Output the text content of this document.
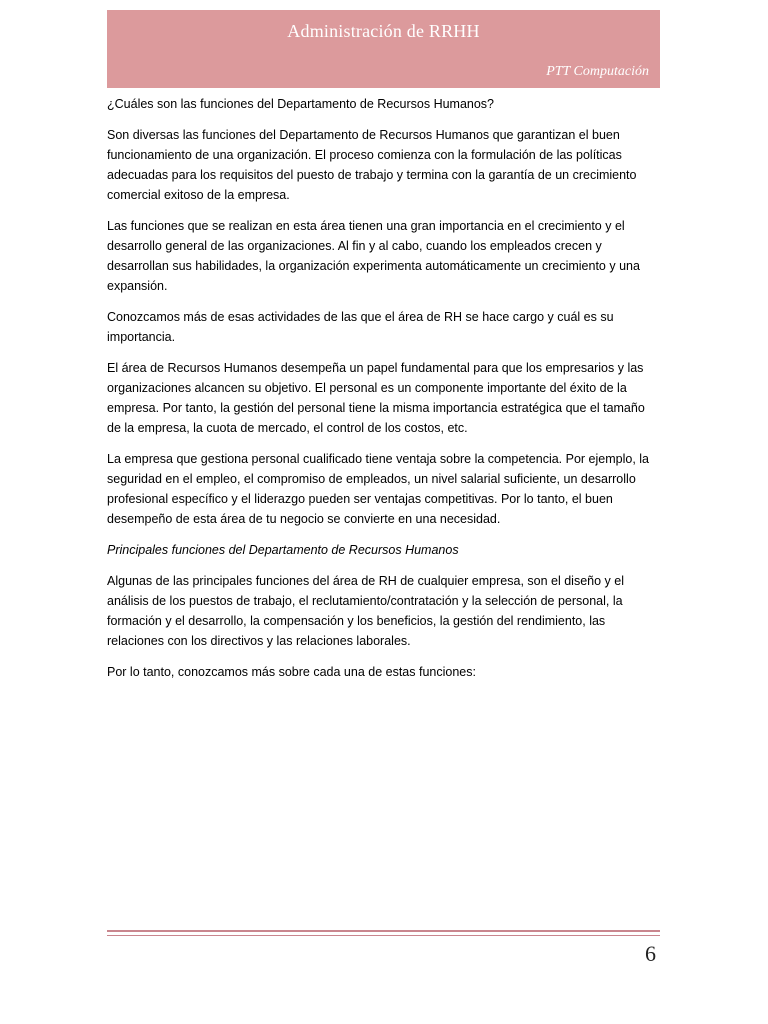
Administración de RRHH
PTT Computación

¿Cuáles son las funciones del Departamento de Recursos Humanos?

Son diversas las funciones del Departamento de Recursos Humanos que garantizan el buen funcionamiento de una organización. El proceso comienza con la formulación de las políticas adecuadas para los requisitos del puesto de trabajo y termina con la garantía de un crecimiento comercial exitoso de la empresa.

Las funciones que se realizan en esta área tienen una gran importancia en el crecimiento y el desarrollo general de las organizaciones. Al fin y al cabo, cuando los empleados crecen y desarrollan sus habilidades, la organización experimenta automáticamente un crecimiento y una expansión.

Conozcamos más de esas actividades de las que el área de RH se hace cargo y cuál es su importancia.

El área de Recursos Humanos desempeña un papel fundamental para que los empresarios y las organizaciones alcancen su objetivo. El personal es un componente importante del éxito de la empresa. Por tanto, la gestión del personal tiene la misma importancia estratégica que el tamaño de la empresa, la cuota de mercado, el control de los costos, etc.

La empresa que gestiona personal cualificado tiene ventaja sobre la competencia. Por ejemplo, la seguridad en el empleo, el compromiso de empleados, un nivel salarial suficiente, un desarrollo profesional específico y el liderazgo pueden ser ventajas competitivas. Por lo tanto, el buen desempeño de esta área de tu negocio se convierte en una necesidad.

Principales funciones del Departamento de Recursos Humanos

Algunas de las principales funciones del área de RH de cualquier empresa, son el diseño y el análisis de los puestos de trabajo, el reclutamiento/contratación y la selección de personal, la formación y el desarrollo, la compensación y los beneficios, la gestión del rendimiento, las relaciones con los directivos y las relaciones laborales.

Por lo tanto, conozcamos más sobre cada una de estas funciones:

6
